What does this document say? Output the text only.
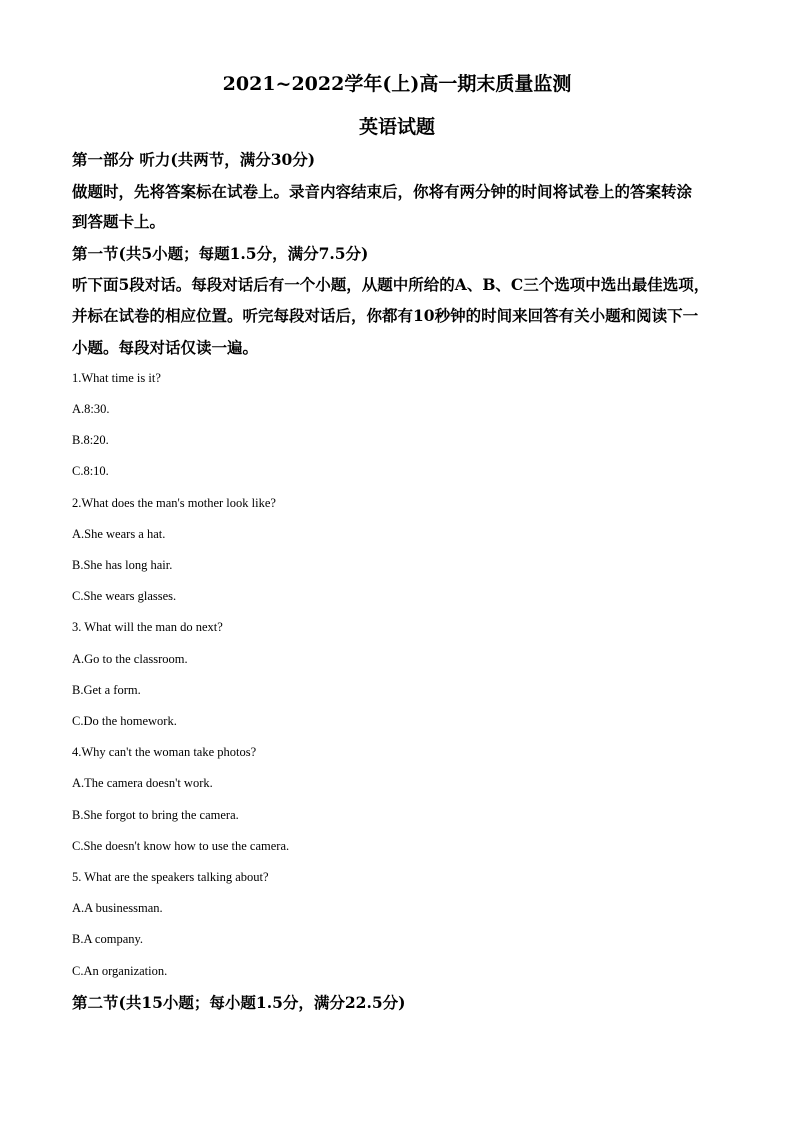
2021~2022学年(上)高一期末质量监测
英语试题
第一部分 听力(共两节，满分30分)
做题时，先将答案标在试卷上。录音内容结束后，你将有两分钟的时间将试卷上的答案转涂
到答题卡上。
第一节(共5小题；每题1.5分，满分7.5分)
听下面5段对话。每段对话后有一个小题，从题中所给的A、B、C三个选项中选出最佳选项，
并标在试卷的相应位置。听完每段对话后，你都有10秒钟的时间来回答有关小题和阅读下一
小题。每段对话仅读一遍。
1.What time is it?
A.8:30.
B.8:20.
C.8:10.
2.What does the man's mother look like?
A.She wears a hat.
B.She has long hair.
C.She wears glasses.
3. What will the man do next?
A.Go to the classroom.
B.Get a form.
C.Do the homework.
4.Why can't the woman take photos?
A.The camera doesn't work.
B.She forgot to bring the camera.
C.She doesn't know how to use the camera.
5. What are the speakers talking about?
A.A businessman.
B.A company.
C.An organization.
第二节(共15小题；每小题1.5分，满分22.5分)
